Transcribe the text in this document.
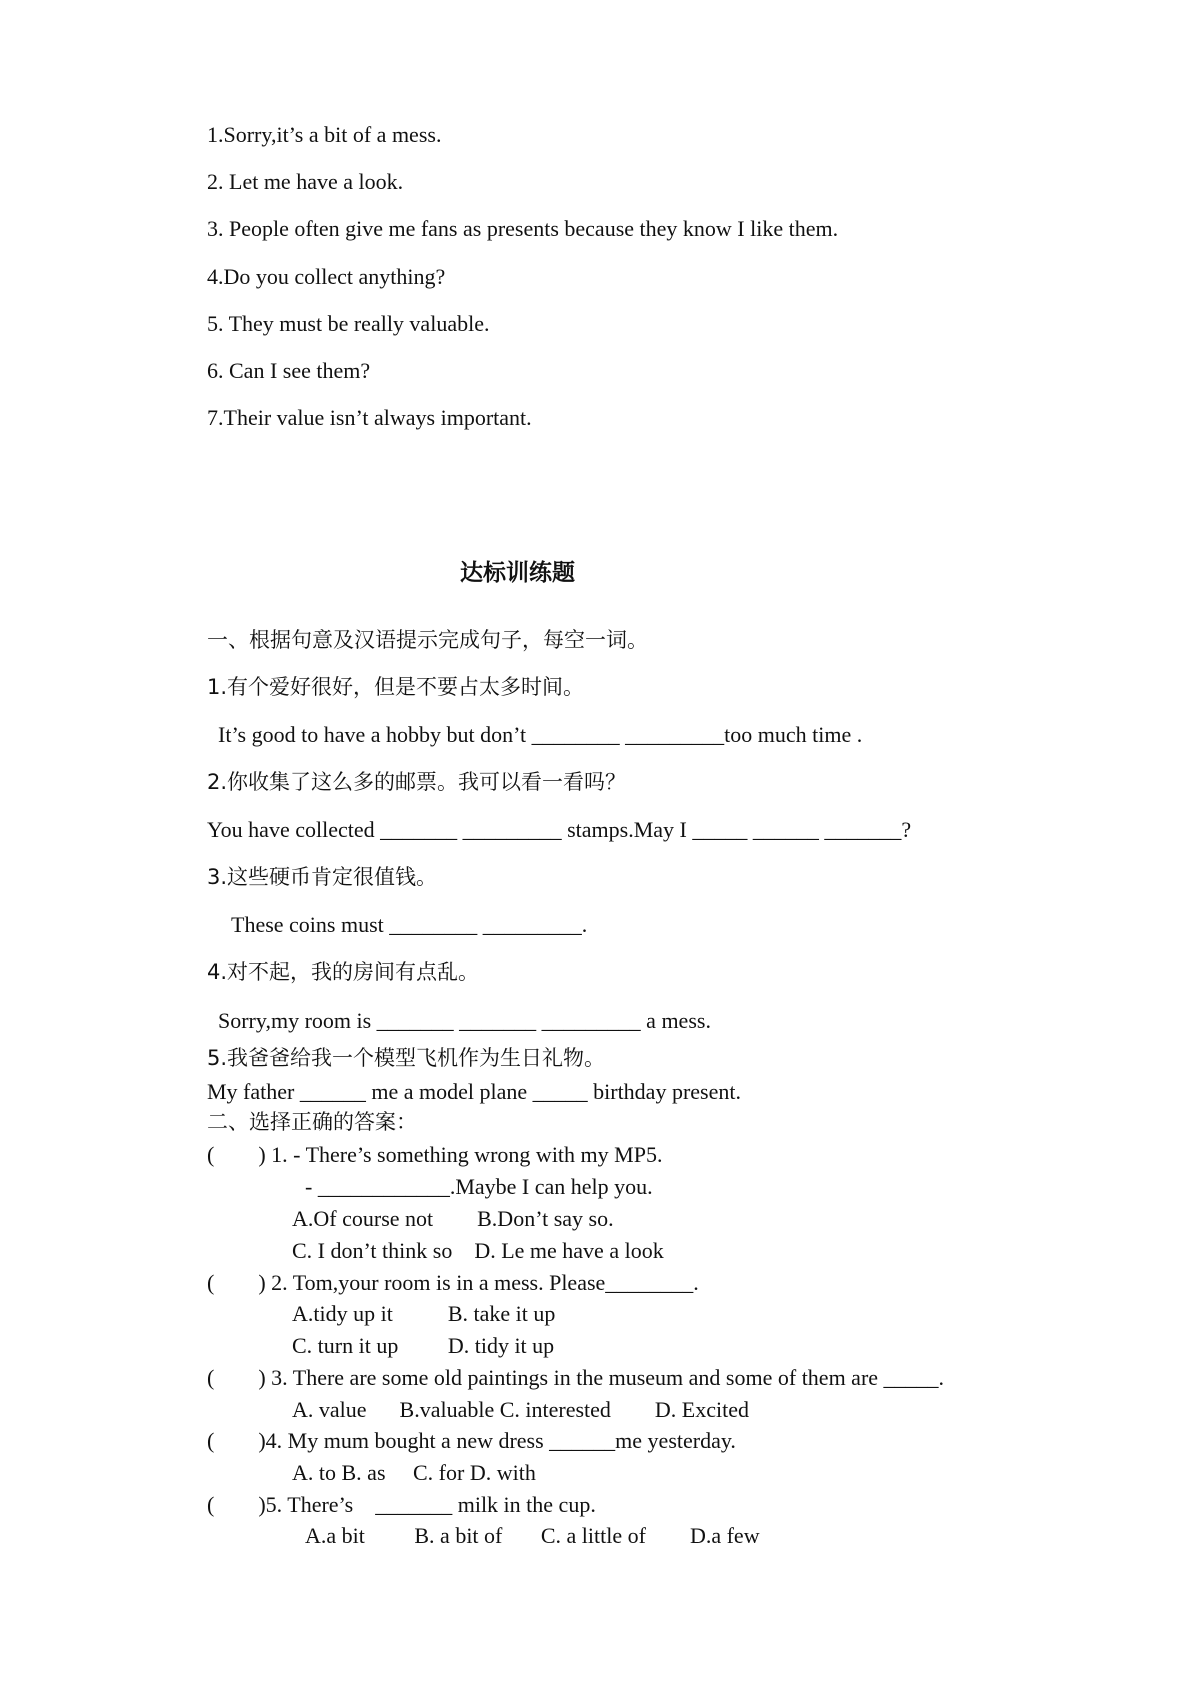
1.Sorry,it’s a bit of a mess.
2. Let me have a look.
3. People often give me fans as presents because they know I like them.
4.Do you collect anything?
5. They must be really valuable.
6. Can I see them?
7.Their value isn’t always important.
达标训练题
一、根据句意及汉语提示完成句子，每空一词。
1.有个爱好很好，但是不要占太多时间。
It’s good to have a hobby but don’t ________ _________too much time .
2.你收集了这么多的邮票。我可以看一看吗？
You have collected _______ _________ stamps.May I _____ ______ _______?
3.这些硬币肯定很值钱。
These coins must ________ _________.
4.对不起，我的房间有点乱。
Sorry,my room is _______ _______ _________ a mess.
5.我爸爸给我一个模型飞机作为生日礼物。
My father ______ me a model plane _____ birthday present.
二、选择正确的答案：
(        ) 1. - There’s something wrong with my MP5.
- ____________.Maybe I can help you.
A.Of course not        B.Don’t say so.
C. I don’t think so    D. Le me have a look
(        ) 2. Tom,your room is in a mess. Please________.
A.tidy up it          B. take it up
C. turn it up         D. tidy it up
(        ) 3. There are some old paintings in the museum and some of them are _____.
A. value      B.valuable C. interested        D. Excited
(        )4. My mum bought a new dress ______me yesterday.
A. to B. as     C. for D. with
(        )5. There’s    _______ milk in the cup.
A.a bit         B. a bit of       C. a little of        D.a few
